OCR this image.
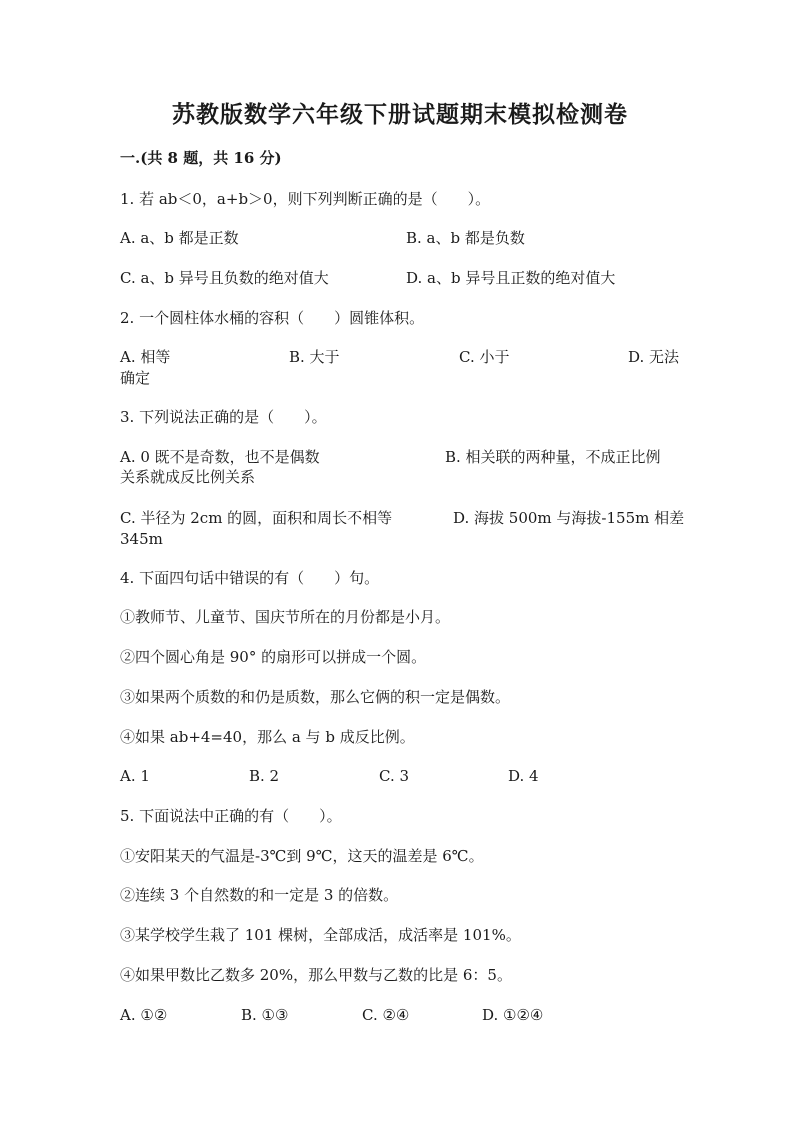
苏教版数学六年级下册试题期末模拟检测卷
一.(共 8 题，共 16 分)
1. 若 ab＜0，a+b＞0，则下列判断正确的是（　　）。
A. a、b 都是正数	B. a、b 都是负数
C. a、b 异号且负数的绝对值大	D. a、b 异号且正数的绝对值大
2. 一个圆柱体水桶的容积（　　）圆锥体积。
A. 相等	B. 大于	C. 小于	D. 无法
确定
3. 下列说法正确的是（　　）。
A. 0 既不是奇数，也不是偶数	B. 相关联的两种量，不成正比例
关系就成反比例关系
C. 半径为 2cm 的圆，面积和周长不相等	D. 海拔 500m 与海拔-155m 相差
345m
4. 下面四句话中错误的有（　　）句。
①教师节、儿童节、国庆节所在的月份都是小月。
②四个圆心角是 90° 的扇形可以拼成一个圆。
③如果两个质数的和仍是质数，那么它俩的积一定是偶数。
④如果 ab+4=40，那么 a 与 b 成反比例。
A. 1	B. 2	C. 3	D. 4
5. 下面说法中正确的有（　　）。
①安阳某天的气温是-3℃到 9℃，这天的温差是 6℃。
②连续 3 个自然数的和一定是 3 的倍数。
③某学校学生栽了 101 棵树，全部成活，成活率是 101%。
④如果甲数比乙数多 20%，那么甲数与乙数的比是 6：5。
A. ①②	B. ①③	C. ②④	D. ①②④
